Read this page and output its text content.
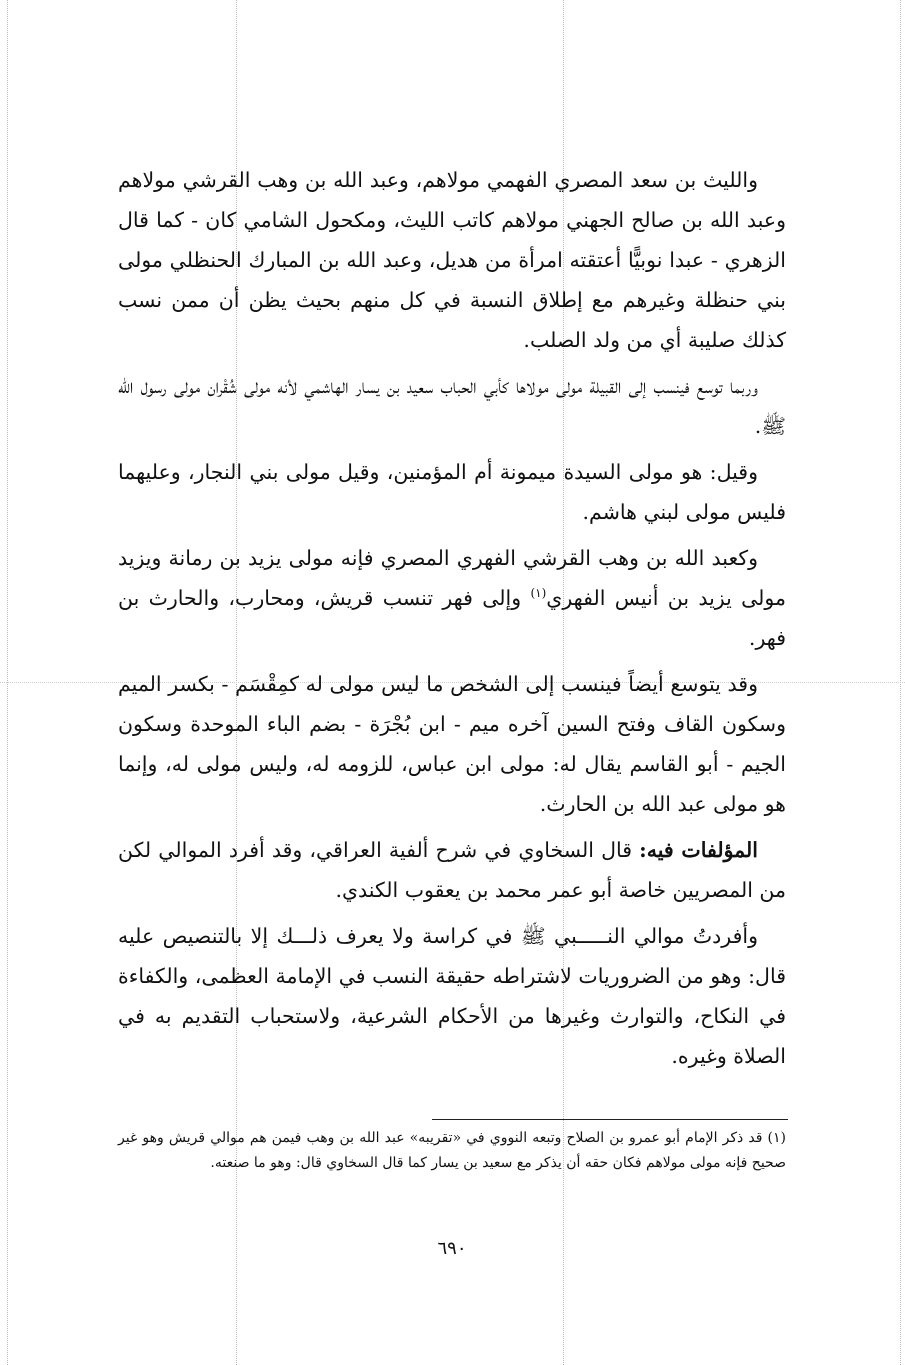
والليث بن سعد المصري الفهمي مولاهم، وعبد الله بن وهب القرشي مولاهم وعبد الله بن صالح الجهني مولاهم كاتب الليث، ومكحول الشامي كان - كما قال الزهري - عبدا نوبيًّا أعتقته امرأة من هديل، وعبد الله بن المبارك الحنظلي مولى بني حنظلة وغيرهم مع إطلاق النسبة في كل منهم بحيث يظن أن ممن نسب كذلك صليبة أي من ولد الصلب.

وربما توسع فينسب إلى القبيلة مولى مولاها كأبي الحباب سعيد بن يسار الهاشمي لأنه مولى شُقْران مولى رسول الله ﷺ.

وقيل: هو مولى السيدة ميمونة أم المؤمنين، وقيل مولى بني النجار، وعليهما فليس مولى لبني هاشم.

وكعبد الله بن وهب القرشي الفهري المصري فإنه مولى يزيد بن رمانة ويزيد مولى يزيد بن أنيس الفهري$^{(١)}$ وإلى فهر تنسب قريش، ومحارب، والحارث بن فهر.

وقد يتوسع أيضاً فينسب إلى الشخص ما ليس مولى له كمِقْسَم - بكسر الميم وسكون القاف وفتح السين آخره ميم - ابن بُجْرَة - بضم الباء الموحدة وسكون الجيم - أبو القاسم يقال له: مولى ابن عباس، للزومه له، وليس مولى له، وإنما هو مولى عبد الله بن الحارث.

المؤلفات فيه: قال السخاوي في شرح ألفية العراقي، وقد أفرد الموالي لكن من المصريين خاصة أبو عمر محمد بن يعقوب الكندي.

وأفردتُ موالي النـــــبي ﷺ في كراسة ولا يعرف ذلـــك إلا بالتنصيص عليه قال: وهو من الضروريات لاشتراطه حقيقة النسب في الإمامة العظمى، والكفاءة في النكاح، والتوارث وغيرها من الأحكام الشرعية، ولاستحباب التقديم به في الصلاة وغيره.

(١) قد ذكر الإمام أبو عمرو بن الصلاح وتبعه النووي في «تقريبه» عبد الله بن وهب فيمن هم موالي قريش وهو غير صحيح فإنه مولى مولاهم فكان حقه أن يذكر مع سعيد بن يسار كما قال السخاوي قال: وهو ما صنعته.

٦٩٠
